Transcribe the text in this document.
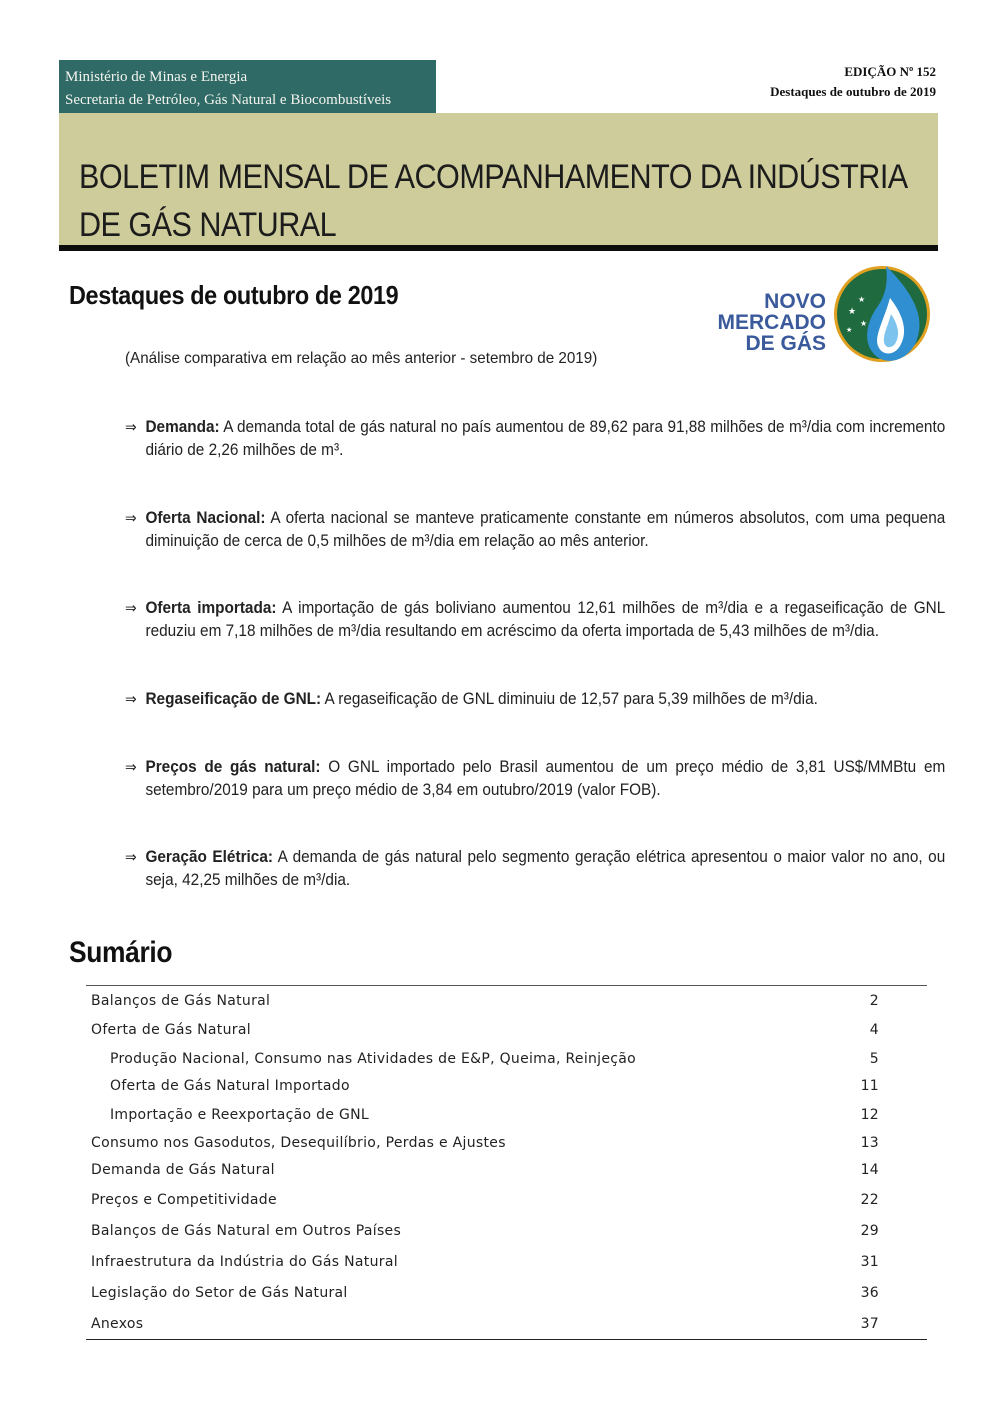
Ministério de Minas e Energia
Secretaria de Petróleo, Gás Natural e Biocombustíveis
EDIÇÃO Nº 152
Destaques de outubro de 2019
BOLETIM MENSAL DE ACOMPANHAMENTO DA INDÚSTRIA
DE GÁS NATURAL
Destaques de outubro de 2019	NOVO
MERCADO
DE GÁS
★
★
★
★
(Análise comparativa em relação ao mês anterior - setembro de 2019)
⇒ Demanda: A demanda total de gás natural no país aumentou de 89,62 para 91,88 milhões de m³/dia com incremento diário de 2,26 milhões de m³.
⇒ Oferta Nacional: A oferta nacional se manteve praticamente constante em números absolutos, com uma pequena diminuição de cerca de 0,5 milhões de m³/dia em relação ao mês anterior.
⇒ Oferta importada: A importação de gás boliviano aumentou 12,61 milhões de m³/dia e a regaseificação de GNL reduziu em 7,18 milhões de m³/dia resultando em acréscimo da oferta importada de 5,43 milhões de m³/dia.
⇒ Regaseificação de GNL: A regaseificação de GNL diminuiu de 12,57 para 5,39 milhões de m³/dia.
⇒ Preços de gás natural: O GNL importado pelo Brasil aumentou de um preço médio de 3,81 US$/MMBtu em setembro/2019 para um preço médio de 3,84 em outubro/2019 (valor FOB).
⇒ Geração Elétrica: A demanda de gás natural pelo segmento geração elétrica apresentou o maior valor no ano, ou seja, 42,25 milhões de m³/dia.
Sumário
Balanços de Gás Natural	2
Oferta de Gás Natural	4
Produção Nacional, Consumo nas Atividades de E&P, Queima, Reinjeção	5
Oferta de Gás Natural Importado	11
Importação e Reexportação de GNL	12
Consumo nos Gasodutos, Desequilíbrio, Perdas e Ajustes	13
Demanda de Gás Natural	14
Preços e Competitividade	22
Balanços de Gás Natural em Outros Países	29
Infraestrutura da Indústria do Gás Natural	31
Legislação do Setor de Gás Natural	36
Anexos	37
